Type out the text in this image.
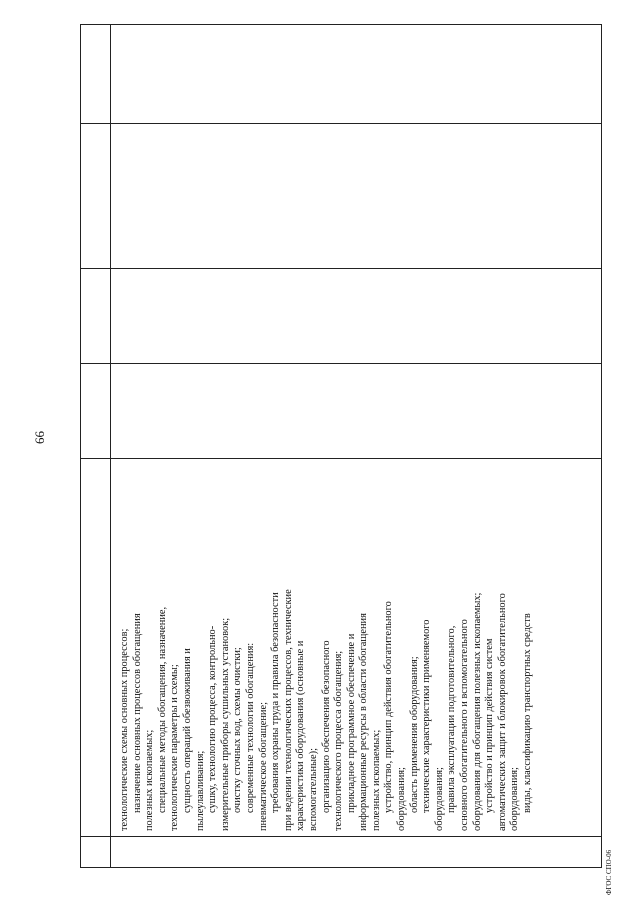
66
технологические схемы основных процессов; назначение основных процессов обогащения полезных ископаемых; специальные методы обогащения, назначение, технологические параметры и схемы; сущность операций обезвоживания и пылеулавливания; сушку, технологию процесса, контрольно- измерительные приборы сушильных установок; очистку сточных вод, схемы очистки; современные технологии обогащения: пневматическое обогащение; требования охраны труда и правила безопасности при ведении технологических процессов, технические характеристики оборудования (основные и вспомогательные); организацию обеспечения безопасного технологического процесса обогащения; прикладное программное обеспечение и информационные ресурсы в области обогащения полезных ископаемых; устройство, принцип действия обогатительного оборудования; область применения оборудования; технические характеристики применяемого оборудования; правила эксплуатации подготовительного, основного обогатительного и вспомогательного оборудования для обогащения полезных ископаемых; устройство и принцип действия систем автоматических защит и блокировок обогатительного оборудования; виды, классификацию транспортных средств
ФГОС СПО-06
